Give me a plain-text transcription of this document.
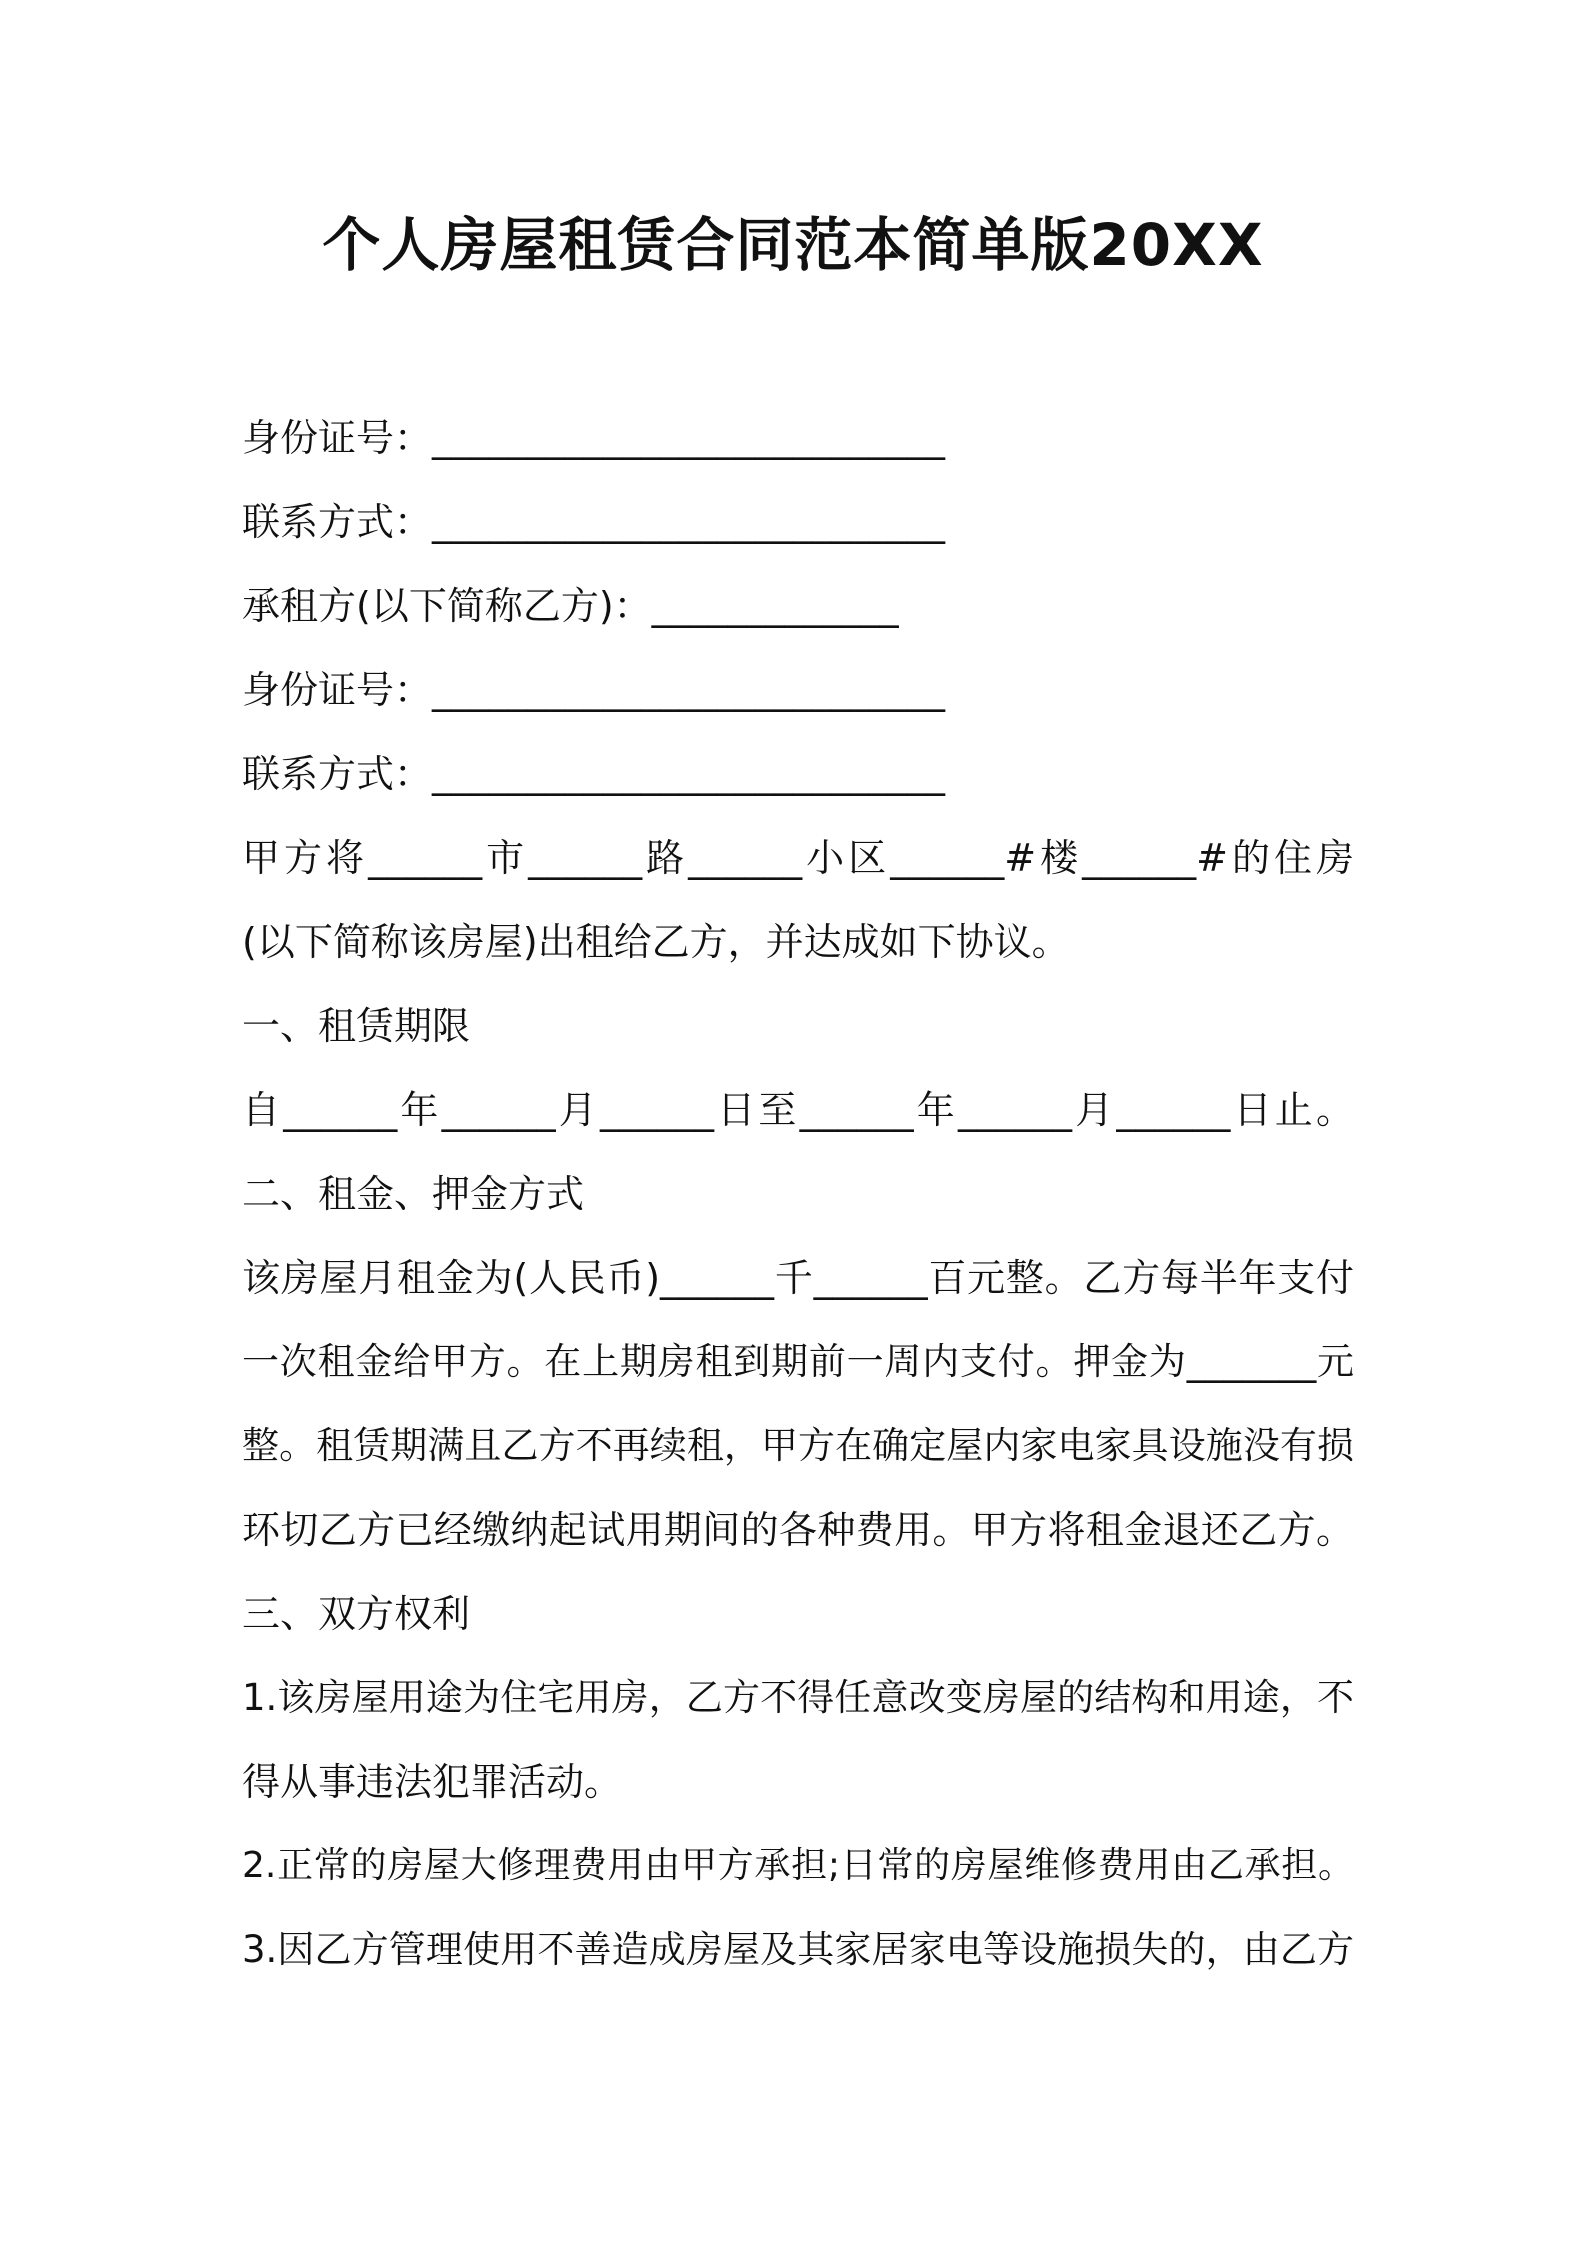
个人房屋租赁合同范本简单版20XX
身份证号：___________________________
联系方式：___________________________
承租方(以下简称乙方)：_____________
身份证号：___________________________
联系方式：___________________________
甲方将______市______路______小区______#楼______#的住房
(以下简称该房屋)出租给乙方，并达成如下协议。
一、租赁期限
自______年______月______日至______年______月______日止。
二、租金、押金方式
该房屋月租金为(人民币)______千______百元整。乙方每半年支付
一次租金给甲方。在上期房租到期前一周内支付。押金为_______元
整。租赁期满且乙方不再续租，甲方在确定屋内家电家具设施没有损
环切乙方已经缴纳起试用期间的各种费用。甲方将租金退还乙方。
三、双方权利
1.该房屋用途为住宅用房，乙方不得任意改变房屋的结构和用途，不
得从事违法犯罪活动。
2.正常的房屋大修理费用由甲方承担;日常的房屋维修费用由乙承担。
3.因乙方管理使用不善造成房屋及其家居家电等设施损失的，由乙方
